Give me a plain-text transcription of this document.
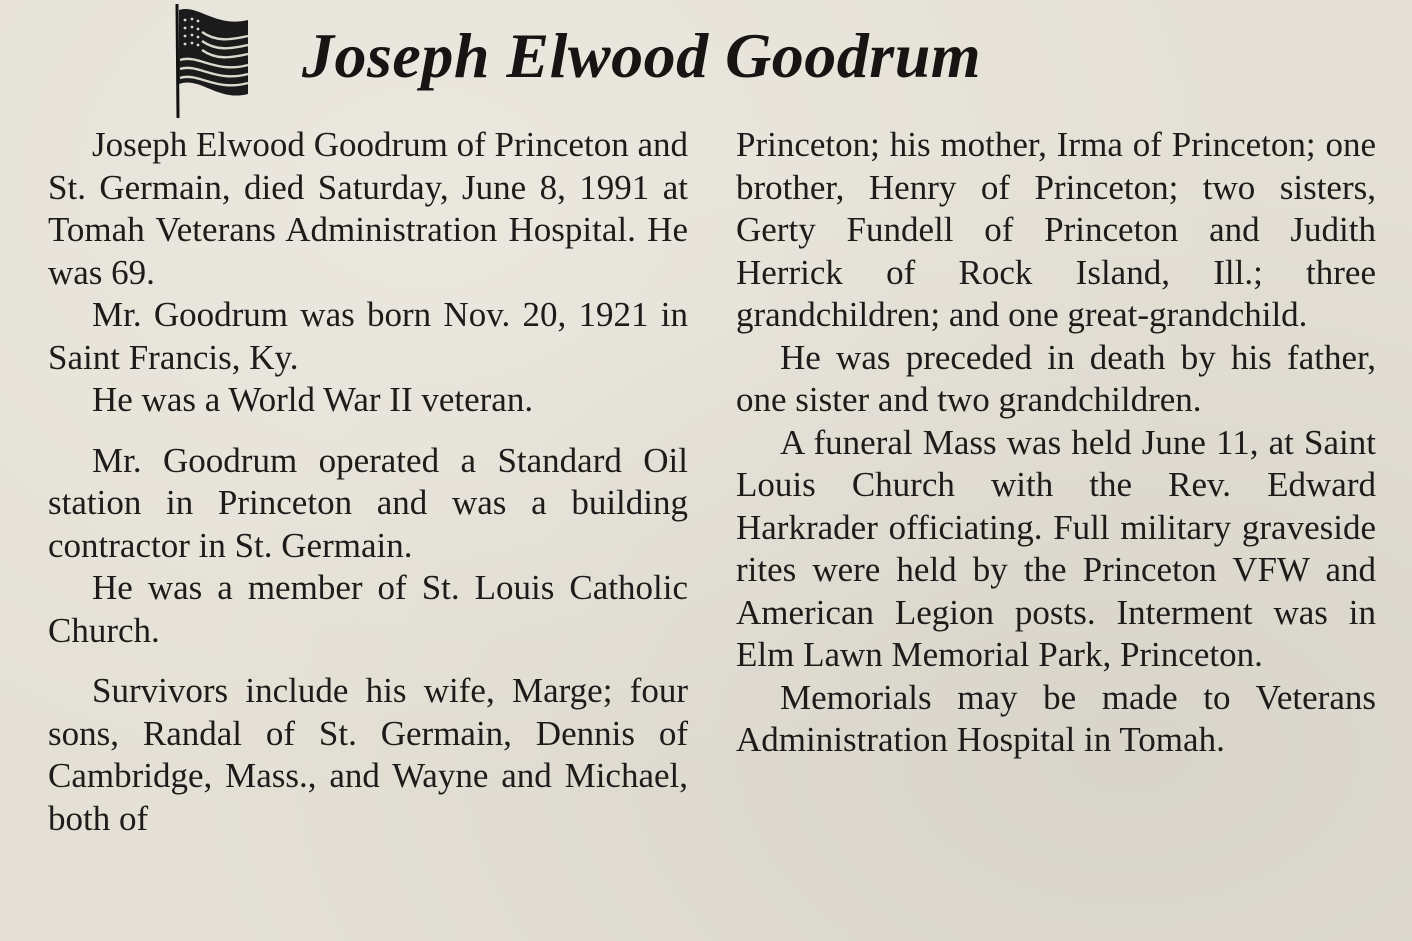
Joseph Elwood Goodrum

Joseph Elwood Goodrum of Princeton and St. Germain, died Saturday, June 8, 1991 at Tomah Veterans Administration Hospital. He was 69.

Mr. Goodrum was born Nov. 20, 1921 in Saint Francis, Ky.

He was a World War II veteran.

Mr. Goodrum operated a Standard Oil station in Princeton and was a building contractor in St. Germain.

He was a member of St. Louis Catholic Church.

Survivors include his wife, Marge; four sons, Randal of St. Germain, Dennis of Cambridge, Mass., and Wayne and Michael, both of

Princeton; his mother, Irma of Princeton; one brother, Henry of Princeton; two sisters, Gerty Fundell of Princeton and Judith Herrick of Rock Island, Ill.; three grandchildren; and one great-grandchild.

He was preceded in death by his father, one sister and two grandchildren.

A funeral Mass was held June 11, at Saint Louis Church with the Rev. Edward Harkrader officiating. Full military graveside rites were held by the Princeton VFW and American Legion posts. Interment was in Elm Lawn Memorial Park, Princeton.

Memorials may be made to Veterans Administration Hospital in Tomah.
